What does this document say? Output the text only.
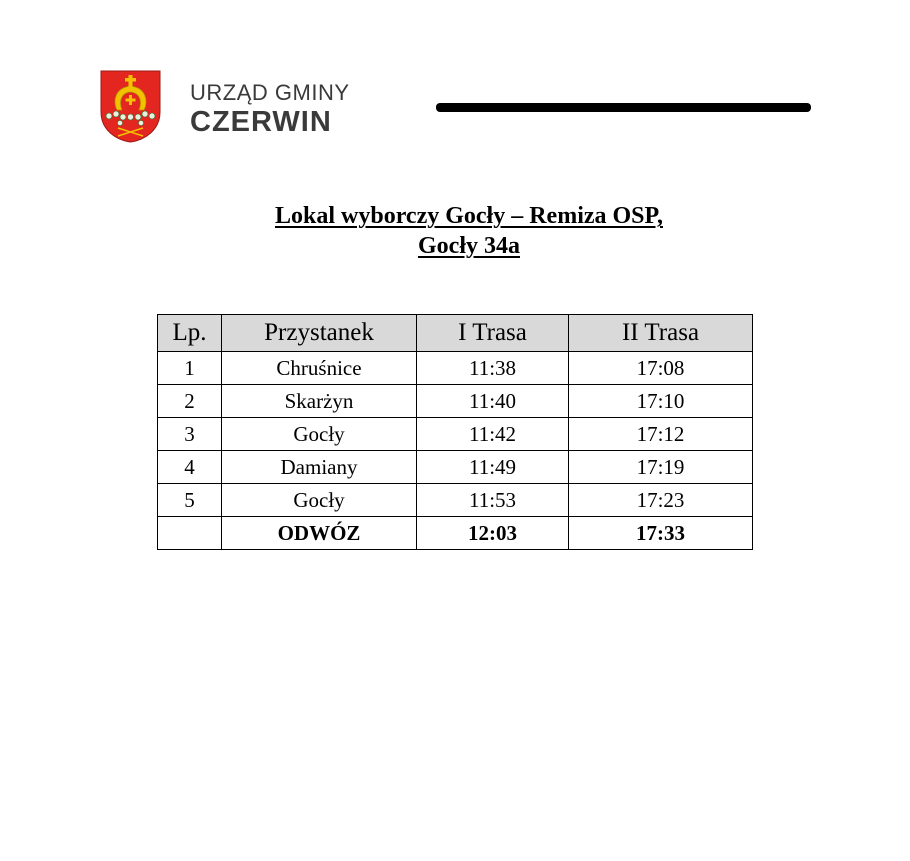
URZĄD GMINY
CZERWIN
Lokal wyborczy Gocły – Remiza OSP,
Gocły 34a
Lp.	Przystanek	I Trasa	II Trasa
1	Chruśnice	11:38	17:08
2	Skarżyn	11:40	17:10
3	Gocły	11:42	17:12
4	Damiany	11:49	17:19
5	Gocły	11:53	17:23
	ODWÓZ	12:03	17:33
